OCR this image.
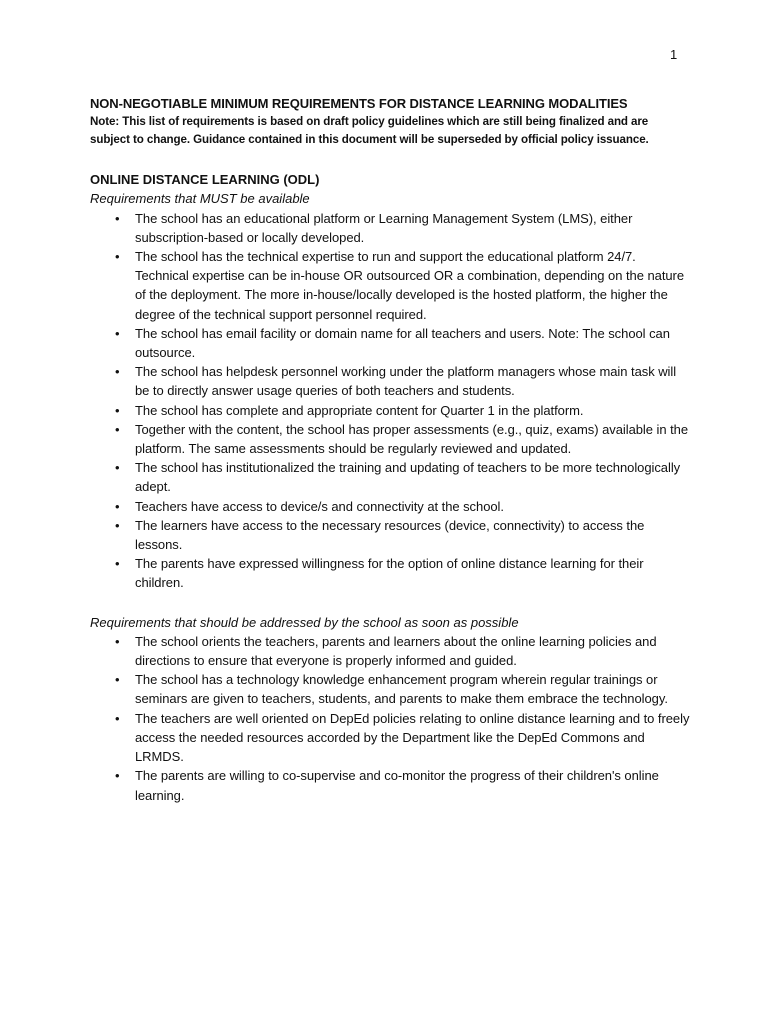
1
NON-NEGOTIABLE MINIMUM REQUIREMENTS FOR DISTANCE LEARNING MODALITIES
Note: This list of requirements is based on draft policy guidelines which are still being finalized and are subject to change. Guidance contained in this document will be superseded by official policy issuance.
ONLINE DISTANCE LEARNING (ODL)
Requirements that MUST be available
• The school has an educational platform or Learning Management System (LMS), either subscription-based or locally developed.
• The school has the technical expertise to run and support the educational platform 24/7. Technical expertise can be in-house OR outsourced OR a combination, depending on the nature of the deployment. The more in-house/locally developed is the hosted platform, the higher the degree of the technical support personnel required.
• The school has email facility or domain name for all teachers and users. Note: The school can outsource.
• The school has helpdesk personnel working under the platform managers whose main task will be to directly answer usage queries of both teachers and students.
• The school has complete and appropriate content for Quarter 1 in the platform.
• Together with the content, the school has proper assessments (e.g., quiz, exams) available in the platform. The same assessments should be regularly reviewed and updated.
• The school has institutionalized the training and updating of teachers to be more technologically adept.
• Teachers have access to device/s and connectivity at the school.
• The learners have access to the necessary resources (device, connectivity) to access the lessons.
• The parents have expressed willingness for the option of online distance learning for their children.
Requirements that should be addressed by the school as soon as possible
• The school orients the teachers, parents and learners about the online learning policies and directions to ensure that everyone is properly informed and guided.
• The school has a technology knowledge enhancement program wherein regular trainings or seminars are given to teachers, students, and parents to make them embrace the technology.
• The teachers are well oriented on DepEd policies relating to online distance learning and to freely access the needed resources accorded by the Department like the DepEd Commons and LRMDS.
• The parents are willing to co-supervise and co-monitor the progress of their children's online learning.
